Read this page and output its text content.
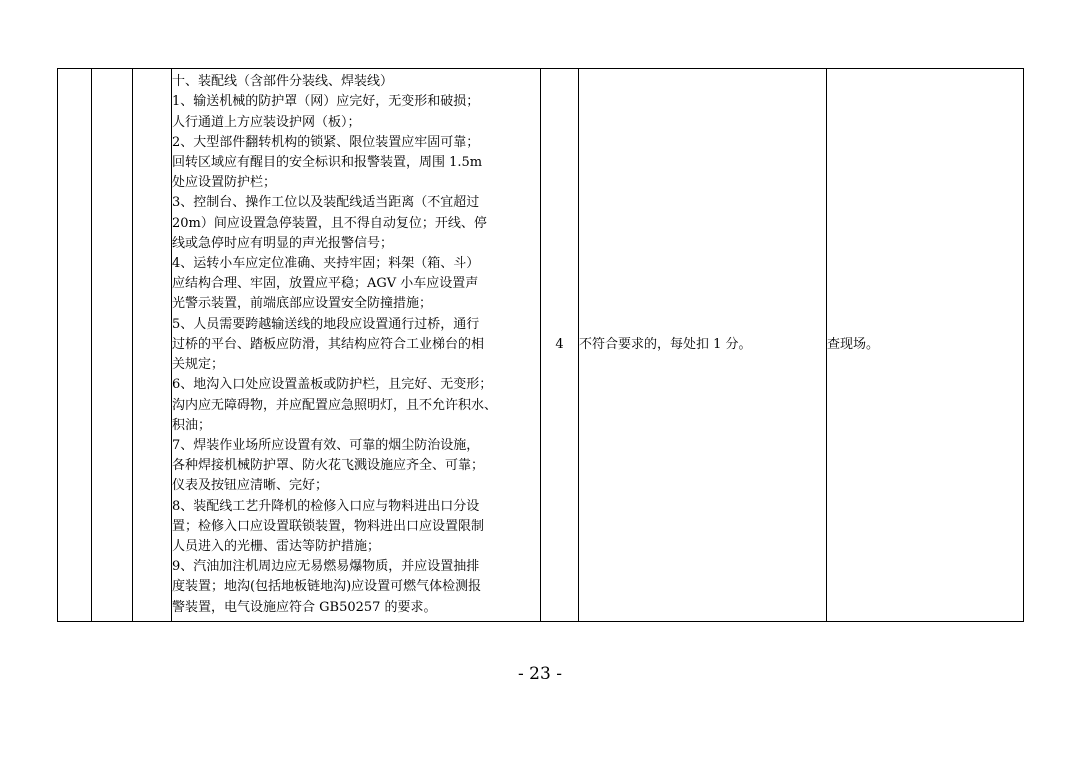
十、装配线（含部件分装线、焊装线）
1、输送机械的防护罩（网）应完好，无变形和破损；
人行通道上方应装设护网（板）；
2、大型部件翻转机构的锁紧、限位装置应牢固可靠；
回转区域应有醒目的安全标识和报警装置，周围 1.5m
处应设置防护栏；
3、控制台、操作工位以及装配线适当距离（不宜超过
20m）间应设置急停装置，且不得自动复位；开线、停
线或急停时应有明显的声光报警信号；
4、运转小车应定位准确、夹持牢固；料架（箱、斗）
应结构合理、牢固，放置应平稳；AGV 小车应设置声
光警示装置，前端底部应设置安全防撞措施；
5、人员需要跨越输送线的地段应设置通行过桥，通行
过桥的平台、踏板应防滑，其结构应符合工业梯台的相
关规定；
6、地沟入口处应设置盖板或防护栏，且完好、无变形；
沟内应无障碍物，并应配置应急照明灯，且不允许积水、
积油；
7、焊装作业场所应设置有效、可靠的烟尘防治设施，
各种焊接机械防护罩、防火花飞溅设施应齐全、可靠；
仪表及按钮应清晰、完好；
8、装配线工艺升降机的检修入口应与物料进出口分设
置；检修入口应设置联锁装置，物料进出口应设置限制
人员进入的光栅、雷达等防护措施；
9、汽油加注机周边应无易燃易爆物质，并应设置抽排
度装置；地沟(包括地板链地沟)应设置可燃气体检测报
警装置，电气设施应符合 GB50257 的要求。
	4	不符合要求的，每处扣 1 分。	查现场。
- 23 -
